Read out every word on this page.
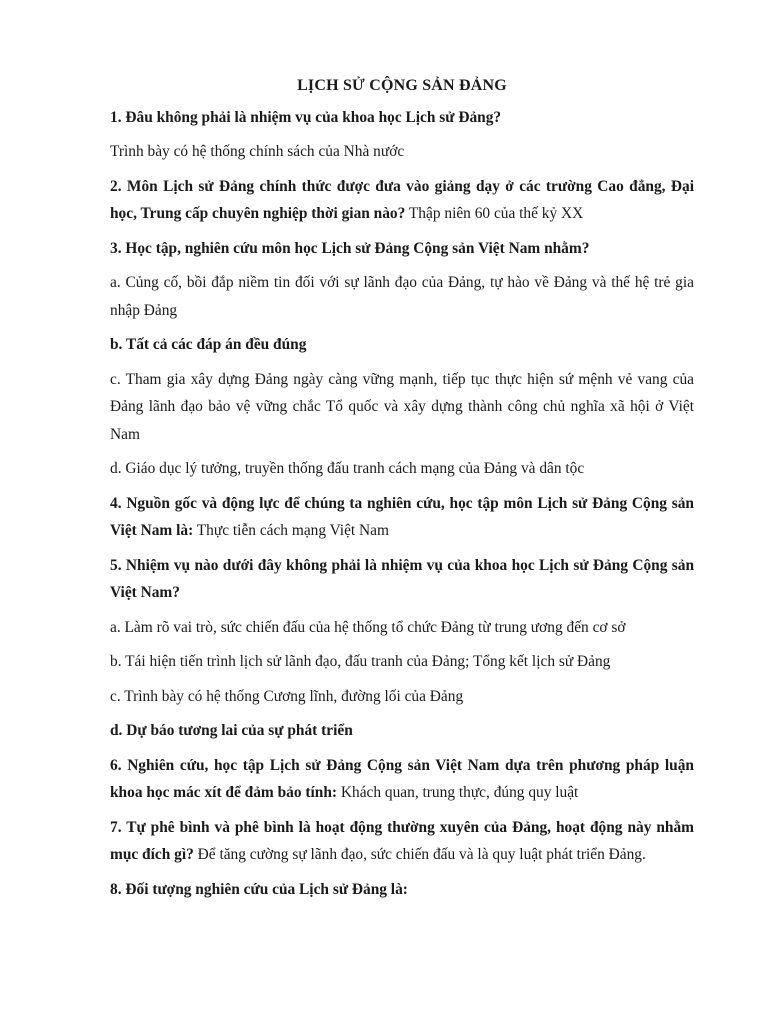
LỊCH SỬ CỘNG SẢN ĐẢNG

1. Đâu không phải là nhiệm vụ của khoa học Lịch sử Đảng?

Trình bày có hệ thống chính sách của Nhà nước

2. Môn Lịch sử Đảng chính thức được đưa vào giảng dạy ở các trường Cao đẳng, Đại học, Trung cấp chuyên nghiệp thời gian nào? Thập niên 60 của thế kỷ XX

3. Học tập, nghiên cứu môn học Lịch sử Đảng Cộng sản Việt Nam nhằm?

a. Củng cố, bồi đắp niềm tin đối với sự lãnh đạo của Đảng, tự hào về Đảng và thế hệ trẻ gia nhập Đảng

b. Tất cả các đáp án đều đúng

c. Tham gia xây dựng Đảng ngày càng vững mạnh, tiếp tục thực hiện sứ mệnh vẻ vang của Đảng lãnh đạo bảo vệ vững chắc Tổ quốc và xây dựng thành công chủ nghĩa xã hội ở Việt Nam

d. Giáo dục lý tưởng, truyền thống đấu tranh cách mạng của Đảng và dân tộc

4. Nguồn gốc và động lực để chúng ta nghiên cứu, học tập môn Lịch sử Đảng Cộng sản Việt Nam là: Thực tiễn cách mạng Việt Nam

5. Nhiệm vụ nào dưới đây không phải là nhiệm vụ của khoa học Lịch sử Đảng Cộng sản Việt Nam?

a. Làm rõ vai trò, sức chiến đấu của hệ thống tổ chức Đảng từ trung ương đến cơ sở

b. Tái hiện tiến trình lịch sử lãnh đạo, đấu tranh của Đảng; Tổng kết lịch sử Đảng

c. Trình bày có hệ thống Cương lĩnh, đường lối của Đảng

d. Dự báo tương lai của sự phát triển

6. Nghiên cứu, học tập Lịch sử Đảng Cộng sản Việt Nam dựa trên phương pháp luận khoa học mác xít để đảm bảo tính: Khách quan, trung thực, đúng quy luật

7. Tự phê bình và phê bình là hoạt động thường xuyên của Đảng, hoạt động này nhằm mục đích gì? Để tăng cường sự lãnh đạo, sức chiến đấu và là quy luật phát triển Đảng.

8. Đối tượng nghiên cứu của Lịch sử Đảng là:
